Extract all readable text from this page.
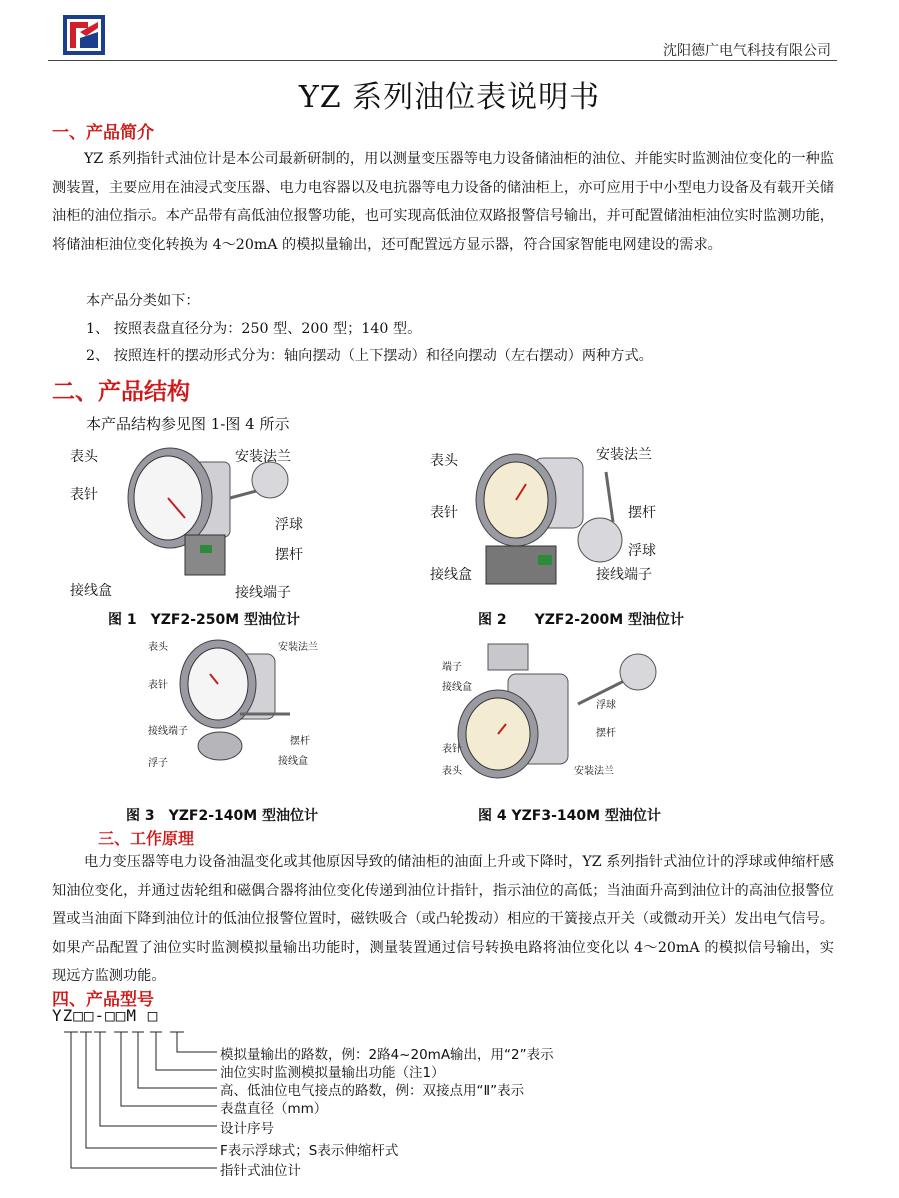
沈阳德广电气科技有限公司
YZ 系列油位表说明书
一、产品简介
YZ 系列指针式油位计是本公司最新研制的，用以测量变压器等电力设备储油柜的油位、并能实时监测油位变化的一种监测装置，主要应用在油浸式变压器、电力电容器以及电抗器等电力设备的储油柜上，亦可应用于中小型电力设备及有载开关储油柜的油位指示。本产品带有高低油位报警功能，也可实现高低油位双路报警信号输出，并可配置储油柜油位实时监测功能，将储油柜油位变化转换为 4～20mA 的模拟量输出，还可配置远方显示器，符合国家智能电网建设的需求。
本产品分类如下：
1、 按照表盘直径分为：250 型、200 型；140 型。
2、 按照连杆的摆动形式分为：轴向摆动（上下摆动）和径向摆动（左右摆动）两种方式。
二、产品结构
本产品结构参见图 1-图 4 所示
表头
表针
接线盒
安装法兰
浮球
摆杆
接线端子
图 1　YZF2-250M 型油位计
表头
表针
接线盒
安装法兰
摆杆
浮球
接线端子
图 2　　YZF2-200M 型油位计
表头
表针
接线端子
浮子
安装法兰
摆杆
接线盒
图 3　YZF2-140M 型油位计
端子
接线盒
表针
表头
浮球
摆杆
安装法兰
图 4 YZF3-140M 型油位计
三、工作原理
电力变压器等电力设备油温变化或其他原因导致的储油柜的油面上升或下降时，YZ 系列指针式油位计的浮球或伸缩杆感知油位变化，并通过齿轮组和磁偶合器将油位变化传递到油位计指针，指示油位的高低；当油面升高到油位计的高油位报警位置或当油面下降到油位计的低油位报警位置时，磁铁吸合（或凸轮拨动）相应的干簧接点开关（或微动开关）发出电气信号。如果产品配置了油位实时监测模拟量输出功能时，测量装置通过信号转换电路将油位变化以 4～20mA 的模拟信号输出，实现远方监测功能。
四、产品型号
YZ□□-□□M □
模拟量输出的路数，例：2路4~20mA输出，用“2”表示
油位实时监测模拟量输出功能（注1）
高、低油位电气接点的路数，例：双接点用“Ⅱ”表示
表盘直径（mm）
设计序号
F表示浮球式；S表示伸缩杆式
指针式油位计
